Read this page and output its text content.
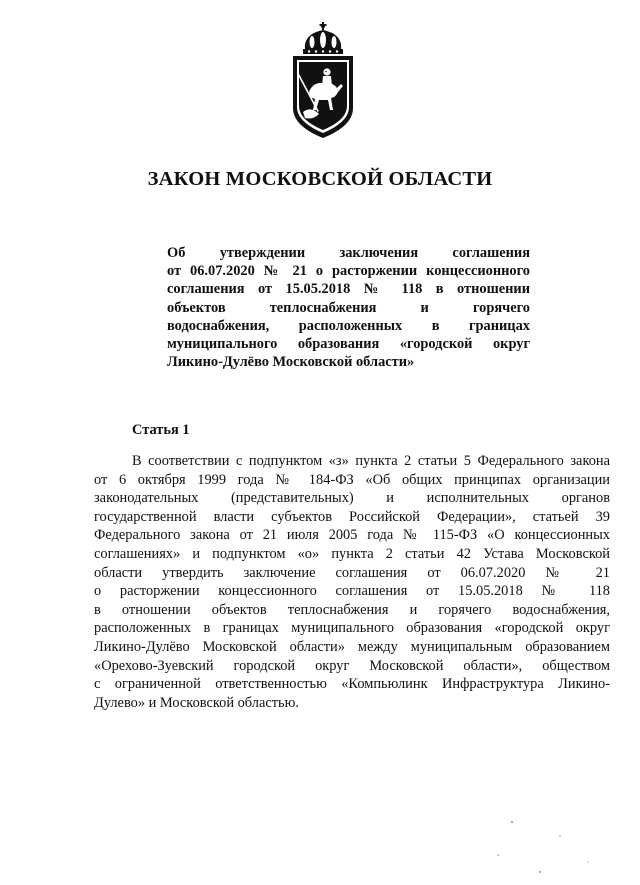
ЗАКОН МОСКОВСКОЙ ОБЛАСТИ
Об утверждении заключения соглашения
от 06.07.2020 № 21 о расторжении концессионного
соглашения от 15.05.2018 № 118 в отношении
объектов теплоснабжения и горячего
водоснабжения, расположенных в границах
муниципального образования «городской округ
Ликино-Дулёво Московской области»
Статья 1
В соответствии с подпунктом «з» пункта 2 статьи 5 Федерального закона
от 6 октября 1999 года № 184-ФЗ «Об общих принципах организации
законодательных (представительных) и исполнительных органов
государственной власти субъектов Российской Федерации», статьей 39
Федерального закона от 21 июля 2005 года № 115-ФЗ «О концессионных
соглашениях» и подпунктом «о» пункта 2 статьи 42 Устава Московской
области утвердить заключение соглашения от 06.07.2020 № 21
о расторжении концессионного соглашения от 15.05.2018 № 118
в отношении объектов теплоснабжения и горячего водоснабжения,
расположенных в границах муниципального образования «городской округ
Ликино-Дулёво Московской области» между муниципальным образованием
«Орехово-Зуевский городской округ Московской области», обществом
с ограниченной ответственностью «Компьюлинк Инфраструктура Ликино-
Дулево» и Московской областью.
